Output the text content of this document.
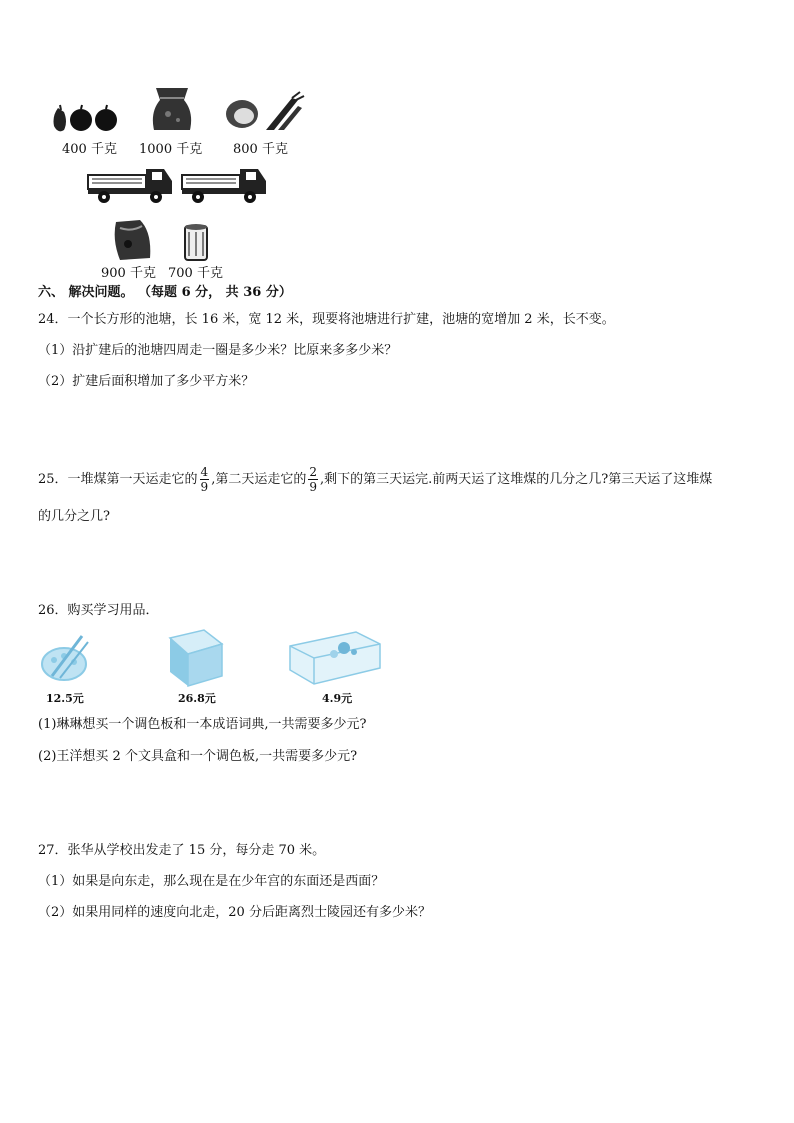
400 千克 1000 千克 800 千克
900 千克 700 千克
六、 解决问题。 （每题 6 分， 共 36 分）
24．一个长方形的池塘，长 16 米，宽 12 米，现要将池塘进行扩建，池塘的宽增加 2 米，长不变。
（1）沿扩建后的池塘四周走一圈是多少米？比原来多多少米？
（2）扩建后面积增加了多少平方米？
25．一堆煤第一天运走它的 $\frac{4}{9}$ ,第二天运走它的 $\frac{2}{9}$ ,剩下的第三天运完.前两天运了这堆煤的几分之几?第三天运了这堆煤
的几分之几?
26．购买学习用品．
12.5元	26.8元	4.9元
(1)琳琳想买一个调色板和一本成语词典,一共需要多少元?
(2)王洋想买 2 个文具盒和一个调色板,一共需要多少元?
27．张华从学校出发走了 15 分，每分走 70 米。
（1）如果是向东走，那么现在是在少年宫的东面还是西面？
（2）如果用同样的速度向北走，20 分后距离烈士陵园还有多少米？
